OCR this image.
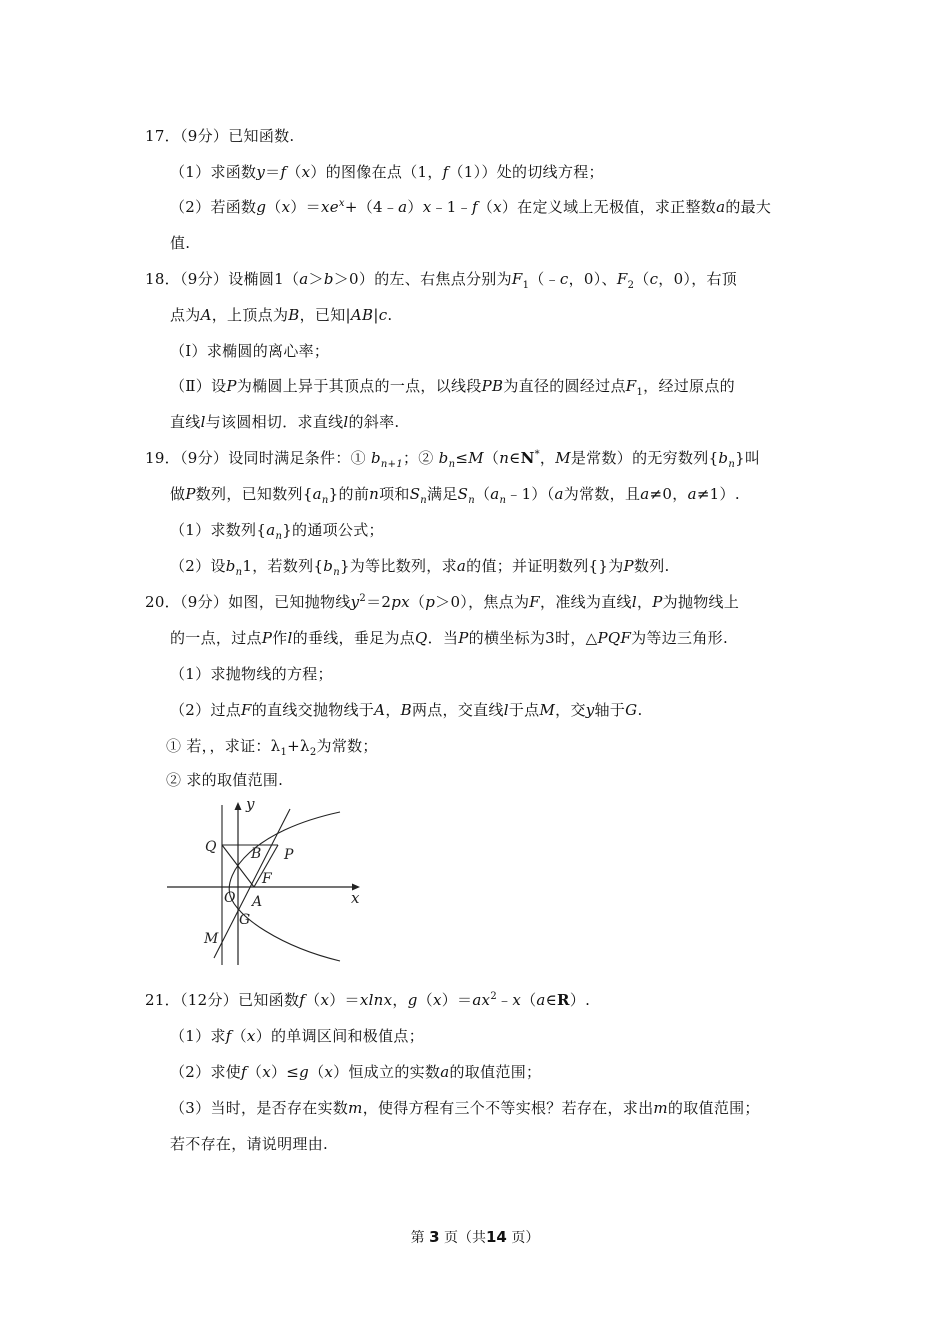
17．（9分）已知函数.
（1）求函数y＝f（x）的图像在点（1，f（1））处的切线方程；
（2）若函数$g(x)=xe^x+(4﹣a)x﹣1﹣f(x)$在定义域上无极值，求正整数a的最大
值.
18．（9分）设椭圆1（a＞b＞0）的左、右焦点分别为$F_1(﹣c$，0）、$F_2(c$，0），右顶
点为A，上顶点为B，已知|AB|c.
（Ⅰ）求椭圆的离心率；
（Ⅱ）设P为椭圆上异于其顶点的一点，以线段PB为直径的圆经过点$F_1$，经过原点的
直线l与该圆相切．求直线l的斜率.
19．（9分）设同时满足条件：① $b_{n+1}$；② $b_n\le M(n\in N^*$，M是常数）的无穷数列$\{b_n\}$叫
做P数列，已知数列$\{a_n\}$的前n项和$S_n$满足$S_n(a_n﹣1)(a$为常数，且a≠0，a≠1）.
（1）求数列$\{a_n\}$的通项公式；
（2）设$b_n1$，若数列$\{b_n\}$为等比数列，求a的值；并证明数列{}为P数列.
20．（9分）如图，已知抛物线$y^2=2px(p>0)$，焦点为F，准线为直线l，P为抛物线上
的一点，过点P作l的垂线，垂足为点Q．当P的横坐标为3时，△PQF为等边三角形.
（1）求抛物线的方程；
（2）过点F的直线交抛物线于A，B两点，交直线l于点M，交y轴于G.
① 若，，求证：$\lambda_1+\lambda_2$为常数；
② 求的取值范围.
y
x
Q B P
F
O A
G
M
21．（12分）已知函数f（x）＝xlnx，$g(x)=ax^2﹣x(a\in R)$.
（1）求f（x）的单调区间和极值点；
（2）求使f（x）≤g（x）恒成立的实数a的取值范围；
（3）当时，是否存在实数m，使得方程有三个不等实根？若存在，求出m的取值范围；
若不存在，请说明理由.
第 3 页（共14 页）
